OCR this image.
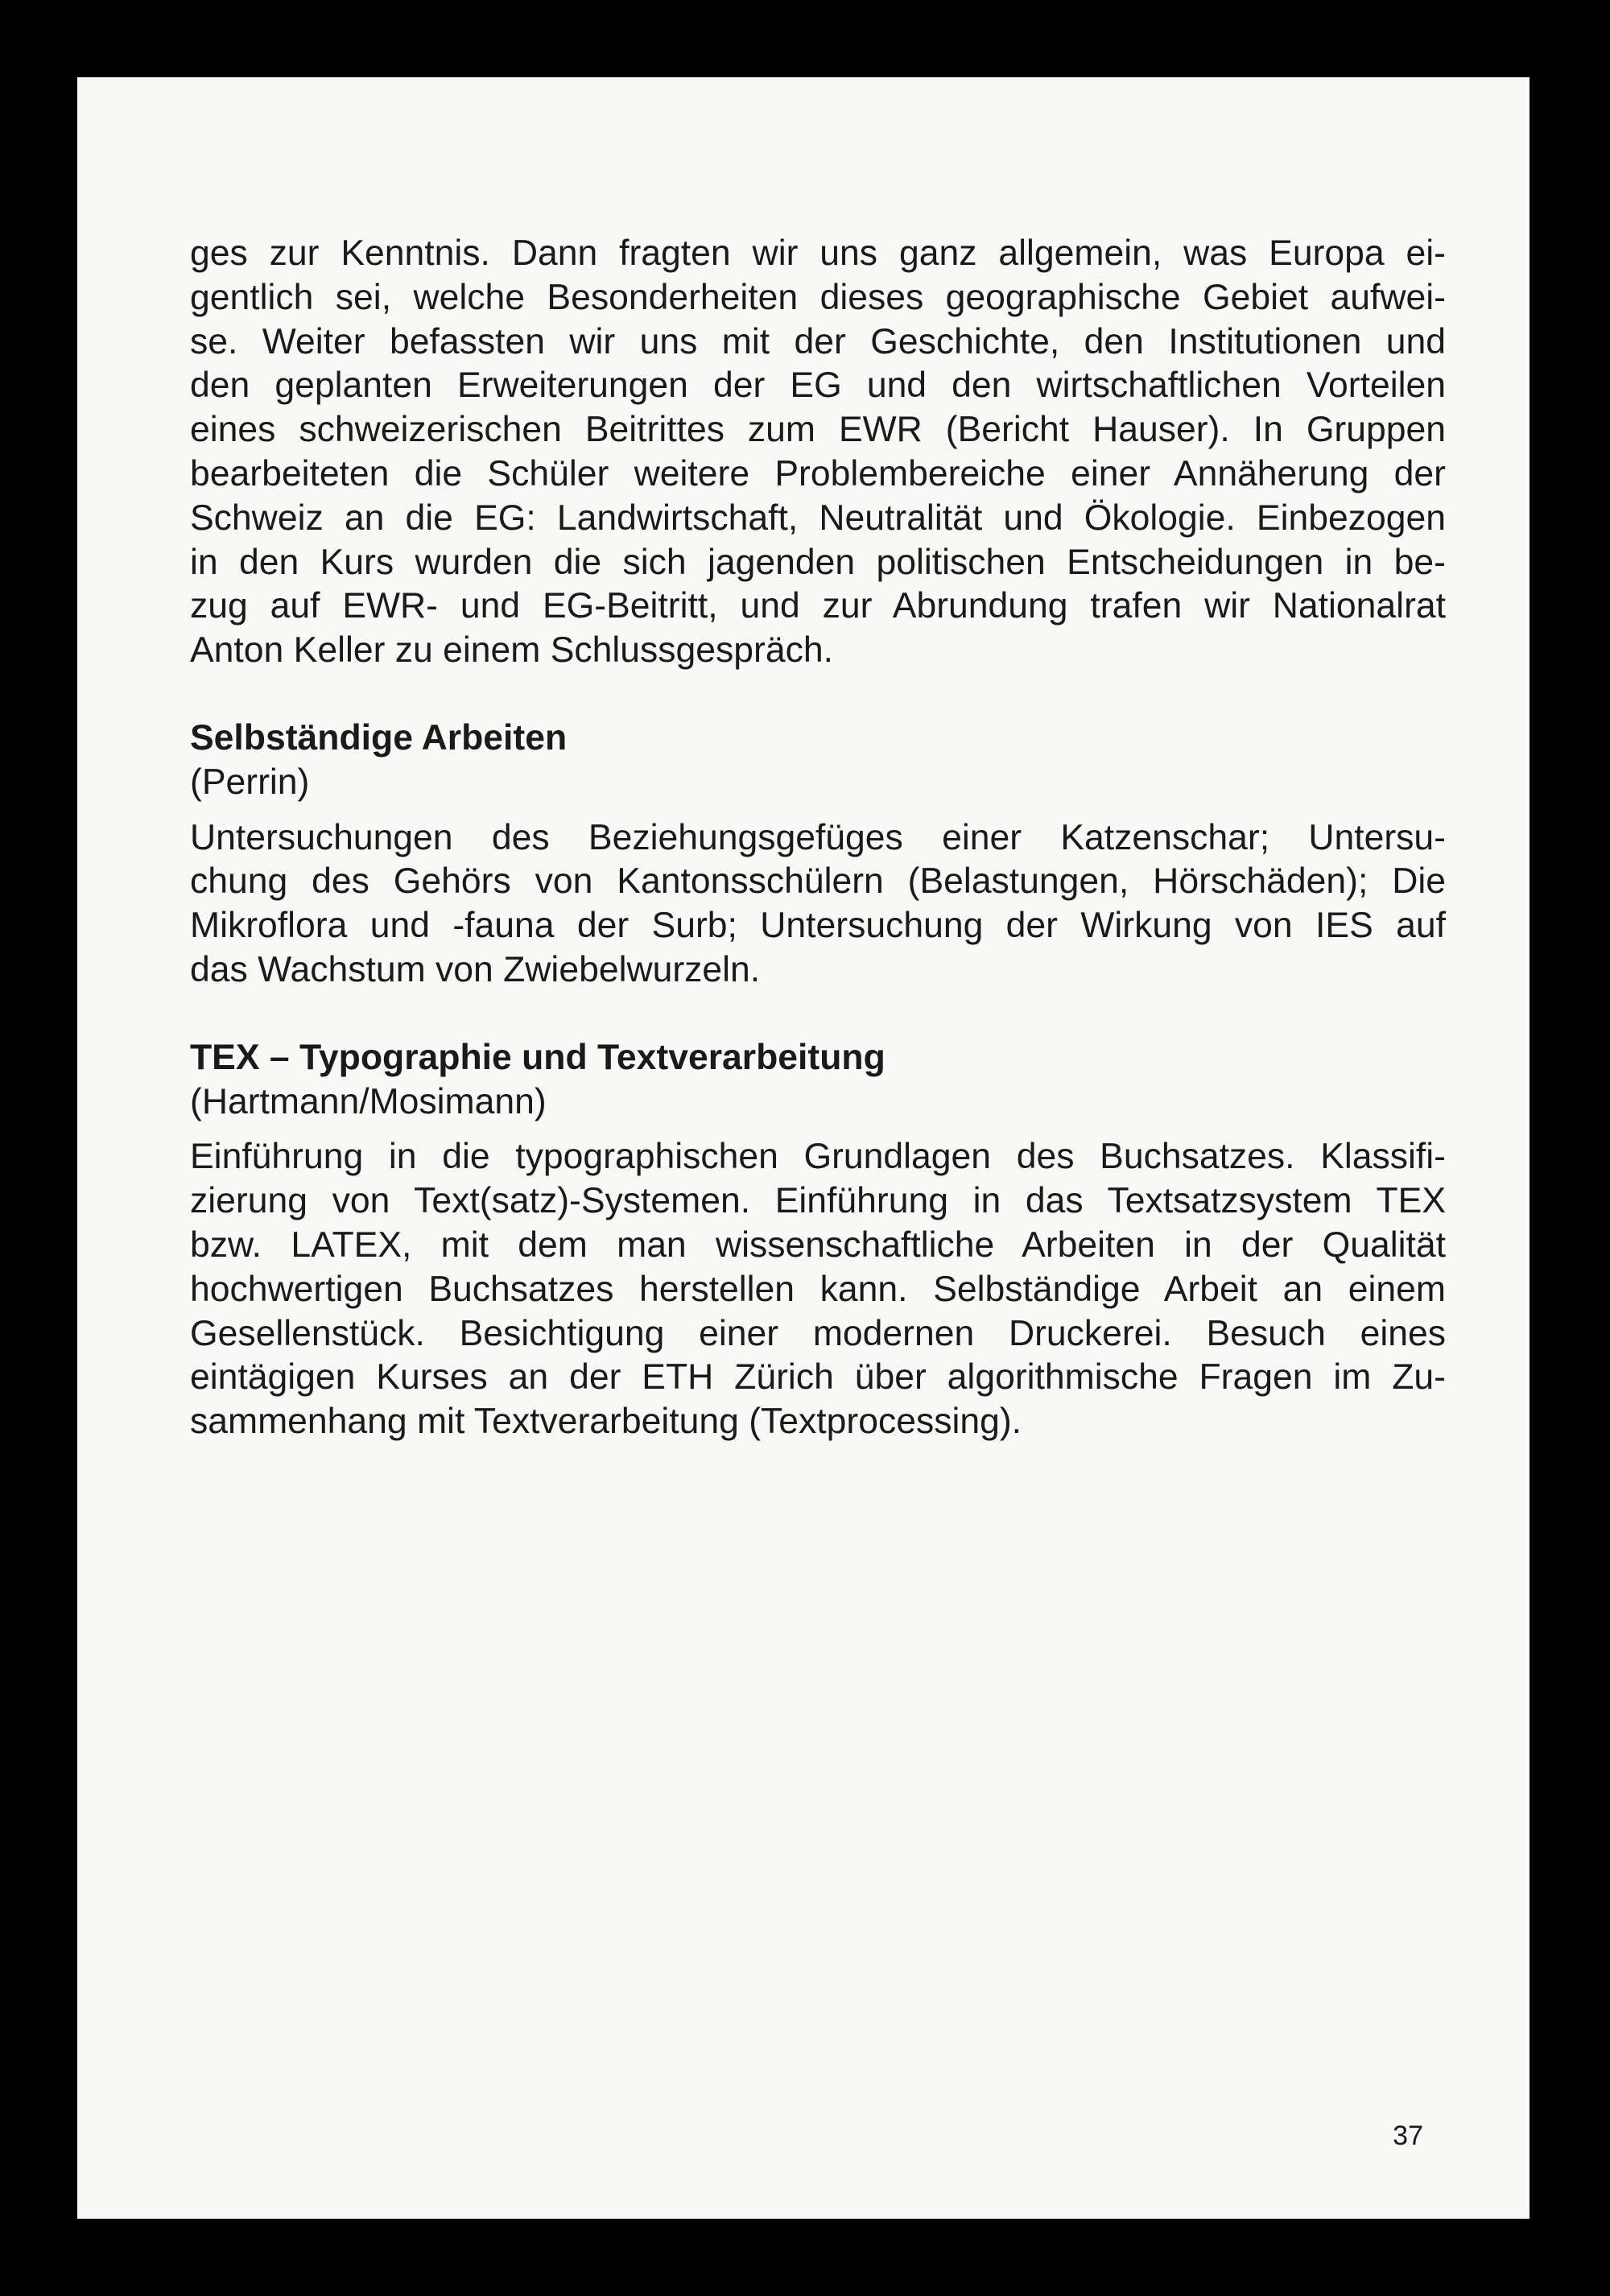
ges zur Kenntnis. Dann fragten wir uns ganz allgemein, was Europa ei-
gentlich sei, welche Besonderheiten dieses geographische Gebiet aufwei-
se. Weiter befassten wir uns mit der Geschichte, den Institutionen und
den geplanten Erweiterungen der EG und den wirtschaftlichen Vorteilen
eines schweizerischen Beitrittes zum EWR (Bericht Hauser). In Gruppen
bearbeiteten die Schüler weitere Problembereiche einer Annäherung der
Schweiz an die EG: Landwirtschaft, Neutralität und Ökologie. Einbezogen
in den Kurs wurden die sich jagenden politischen Entscheidungen in be-
zug auf EWR- und EG-Beitritt, und zur Abrundung trafen wir Nationalrat
Anton Keller zu einem Schlussgespräch.
Selbständige Arbeiten
(Perrin)
Untersuchungen des Beziehungsgefüges einer Katzenschar; Untersu-
chung des Gehörs von Kantonsschülern (Belastungen, Hörschäden); Die
Mikroflora und -fauna der Surb; Untersuchung der Wirkung von IES auf
das Wachstum von Zwiebelwurzeln.
TEX – Typographie und Textverarbeitung
(Hartmann/Mosimann)
Einführung in die typographischen Grundlagen des Buchsatzes. Klassifi-
zierung von Text(satz)-Systemen. Einführung in das Textsatzsystem TEX
bzw. LATEX, mit dem man wissenschaftliche Arbeiten in der Qualität
hochwertigen Buchsatzes herstellen kann. Selbständige Arbeit an einem
Gesellenstück. Besichtigung einer modernen Druckerei. Besuch eines
eintägigen Kurses an der ETH Zürich über algorithmische Fragen im Zu-
sammenhang mit Textverarbeitung (Textprocessing).
37
